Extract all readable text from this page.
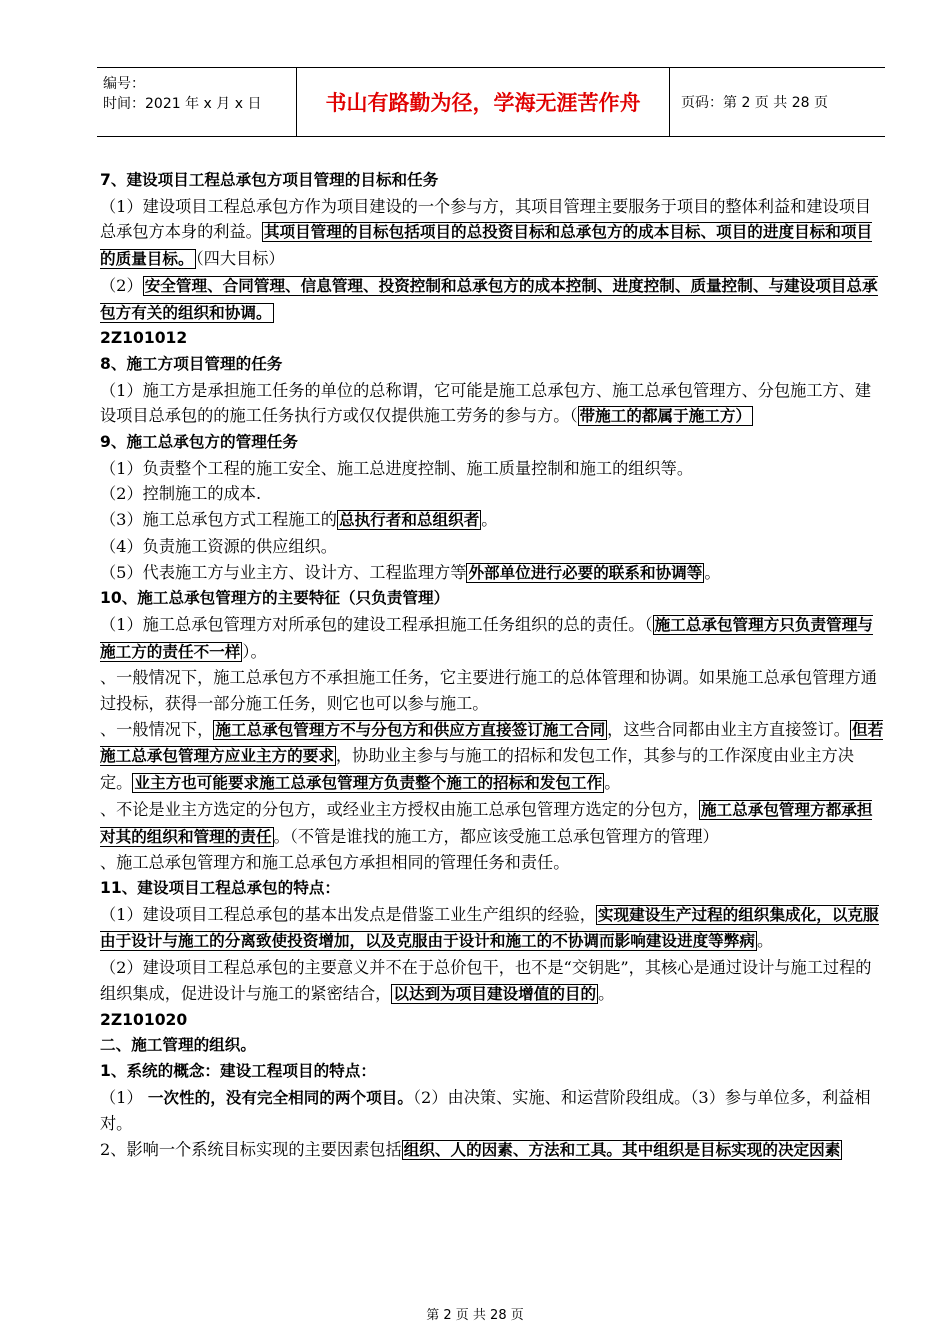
编号：
时间：2021 年 x 月 x 日	书山有路勤为径，学海无涯苦作舟	页码：第 2 页 共 28 页

7、建设项目工程总承包方项目管理的目标和任务

（1）建设项目工程总承包方作为项目建设的一个参与方，其项目管理主要服务于项目的整体利益和建设项目总承包方本身的利益。 其项目管理的目标包括项目的总投资目标和总承包方的成本目标、项目的进度目标和项目的质量目标。 （四大目标）

（2） 安全管理、合同管理、信息管理、投资控制和总承包方的成本控制、进度控制、质量控制、与建设项目总承包方有关的组织和协调。

2Z101012

8、施工方项目管理的任务

（1）施工方是承担施工任务的单位的总称谓，它可能是施工总承包方、施工总承包管理方、分包施工方、建设项目总承包的的施工任务执行方或仅仅提供施工劳务的参与方。（ 带施工的都属于施工方）

9、施工总承包方的管理任务

（1）负责整个工程的施工安全、施工总进度控制、施工质量控制和施工的组织等。

（2）控制施工的成本.

（3）施工总承包方式工程施工的 总执行者和总组织者 。

（4）负责施工资源的供应组织。

（5）代表施工方与业主方、设计方、工程监理方等 外部单位进行必要的联系和协调等 。

10、施工总承包管理方的主要特征（只负责管理）

（1）施工总承包管理方对所承包的建设工程承担施工任务组织的总的责任。（ 施工总承包管理方只负责管理与施工方的责任不一样 ）。

、一般情况下，施工总承包方不承担施工任务，它主要进行施工的总体管理和协调。如果施工总承包管理方通过投标，获得一部分施工任务，则它也可以参与施工。

、一般情况下， 施工总承包管理方不与分包方和供应方直接签订施工合同 ，这些合同都由业主方直接签订。 但若施工总承包管理方应业主方的要求 ，协助业主参与与施工的招标和发包工作，其参与的工作深度由业主方决定。 业主方也可能要求施工总承包管理方负责整个施工的招标和发包工作 。

、不论是业主方选定的分包方，或经业主方授权由施工总承包管理方选定的分包方， 施工总承包管理方都承担对其的组织和管理的责任 。（不管是谁找的施工方，都应该受施工总承包管理方的管理）

、施工总承包管理方和施工总承包方承担相同的管理任务和责任。

11、建设项目工程总承包的特点：

（1）建设项目工程总承包的基本出发点是借鉴工业生产组织的经验， 实现建设生产过程的组织集成化，以克服由于设计与施工的分离致使投资增加，以及克服由于设计和施工的不协调而影响建设进度等弊病 。

（2）建设项目工程总承包的主要意义并不在于总价包干，也不是“交钥匙”，其核心是通过设计与施工过程的组织集成，促进设计与施工的紧密结合， 以达到为项目建设增值的目的 。

2Z101020

二、施工管理的组织。

1、系统的概念：建设工程项目的特点：

（1） 一次性的，没有完全相同的两个项目。（2）由决策、实施、和运营阶段组成。（3）参与单位多，利益相对。

2、影响一个系统目标实现的主要因素包括 组织、人的因素、方法和工具。其中组织是目标实现的决定因素

第 2 页 共 28 页
